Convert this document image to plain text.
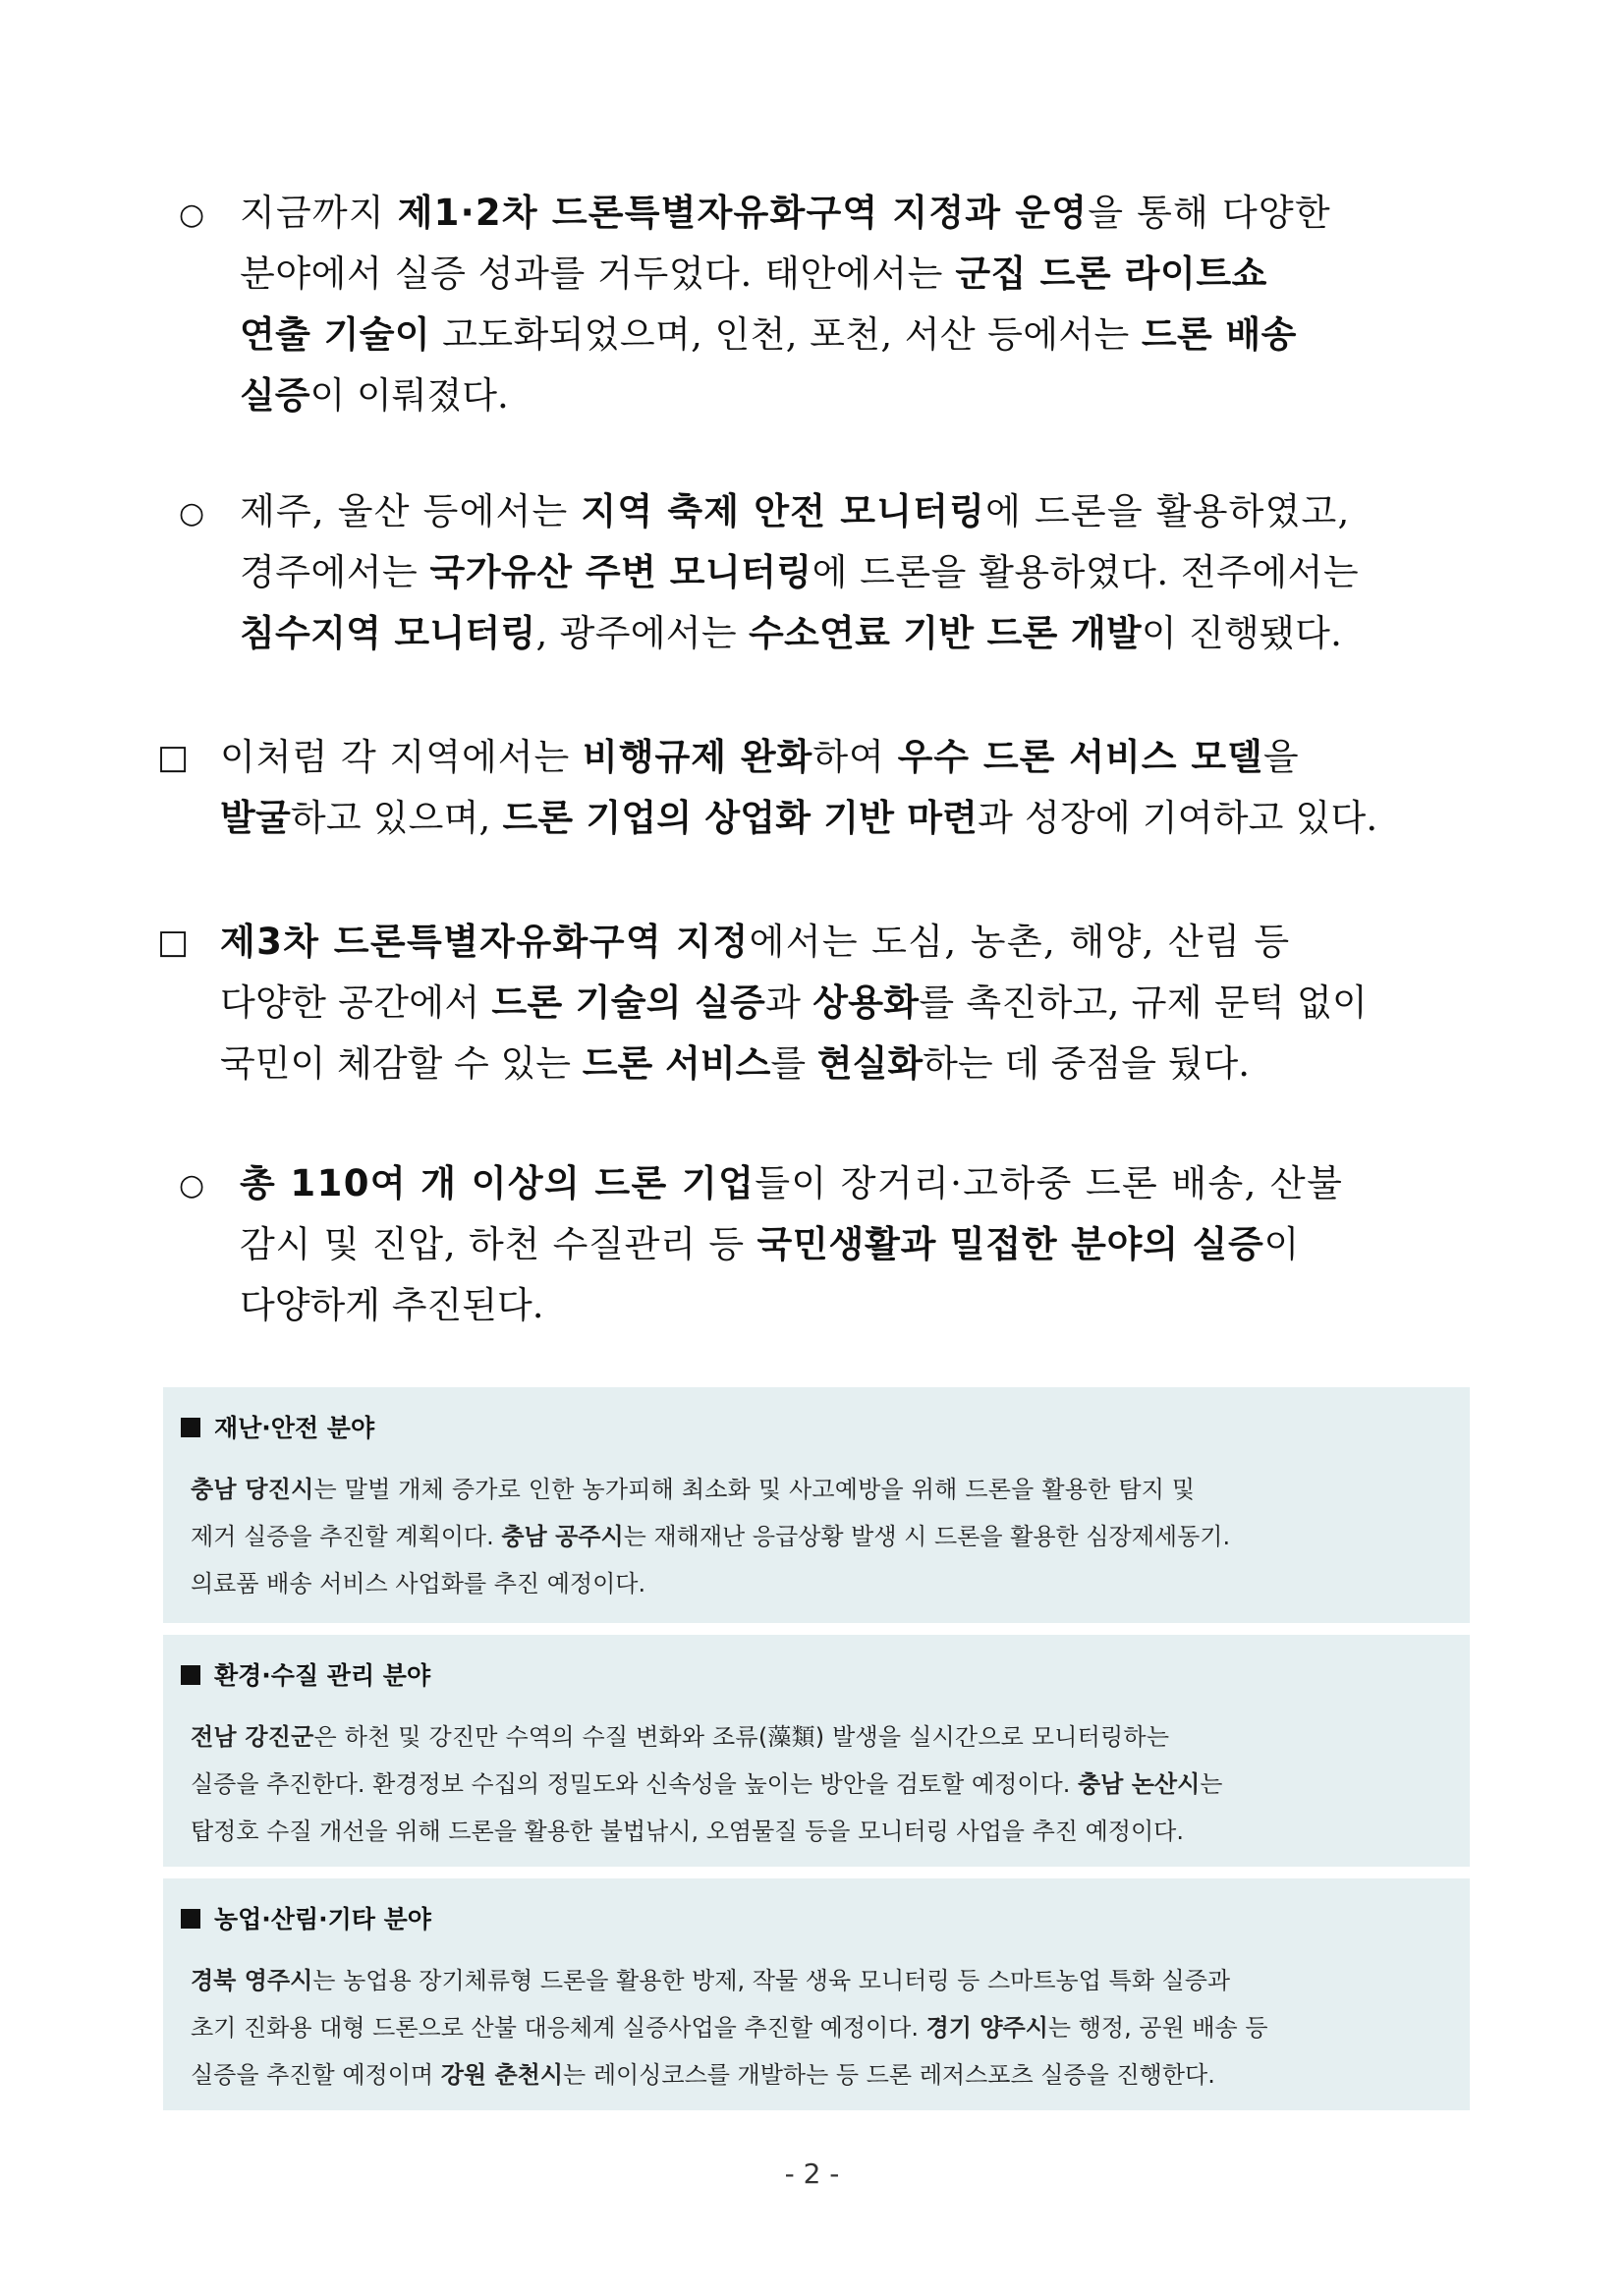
○ 지금까지 제1·2차 드론특별자유화구역 지정과 운영을 통해 다양한
분야에서 실증 성과를 거두었다. 태안에서는 군집 드론 라이트쇼
연출 기술이 고도화되었으며, 인천, 포천, 서산 등에서는 드론 배송
실증이 이뤄졌다.
○ 제주, 울산 등에서는 지역 축제 안전 모니터링에 드론을 활용하였고,
경주에서는 국가유산 주변 모니터링에 드론을 활용하였다. 전주에서는
침수지역 모니터링, 광주에서는 수소연료 기반 드론 개발이 진행됐다.
□ 이처럼 각 지역에서는 비행규제 완화하여 우수 드론 서비스 모델을
발굴하고 있으며, 드론 기업의 상업화 기반 마련과 성장에 기여하고 있다.
□ 제3차 드론특별자유화구역 지정에서는 도심, 농촌, 해양, 산림 등
다양한 공간에서 드론 기술의 실증과 상용화를 촉진하고, 규제 문턱 없이
국민이 체감할 수 있는 드론 서비스를 현실화하는 데 중점을 뒀다.
○ 총 110여 개 이상의 드론 기업들이 장거리·고하중 드론 배송, 산불
감시 및 진압, 하천 수질관리 등 국민생활과 밀접한 분야의 실증이
다양하게 추진된다.
재난·안전 분야
충남 당진시는 말벌 개체 증가로 인한 농가피해 최소화 및 사고예방을 위해 드론을 활용한 탐지 및
제거 실증을 추진할 계획이다. 충남 공주시는 재해재난 응급상황 발생 시 드론을 활용한 심장제세동기.
의료품 배송 서비스 사업화를 추진 예정이다.
환경·수질 관리 분야
전남 강진군은 하천 및 강진만 수역의 수질 변화와 조류(藻類) 발생을 실시간으로 모니터링하는
실증을 추진한다. 환경정보 수집의 정밀도와 신속성을 높이는 방안을 검토할 예정이다. 충남 논산시는
탑정호 수질 개선을 위해 드론을 활용한 불법낚시, 오염물질 등을 모니터링 사업을 추진 예정이다.
농업·산림·기타 분야
경북 영주시는 농업용 장기체류형 드론을 활용한 방제, 작물 생육 모니터링 등 스마트농업 특화 실증과
초기 진화용 대형 드론으로 산불 대응체계 실증사업을 추진할 예정이다. 경기 양주시는 행정, 공원 배송 등
실증을 추진할 예정이며 강원 춘천시는 레이싱코스를 개발하는 등 드론 레저스포츠 실증을 진행한다.
- 2 -
